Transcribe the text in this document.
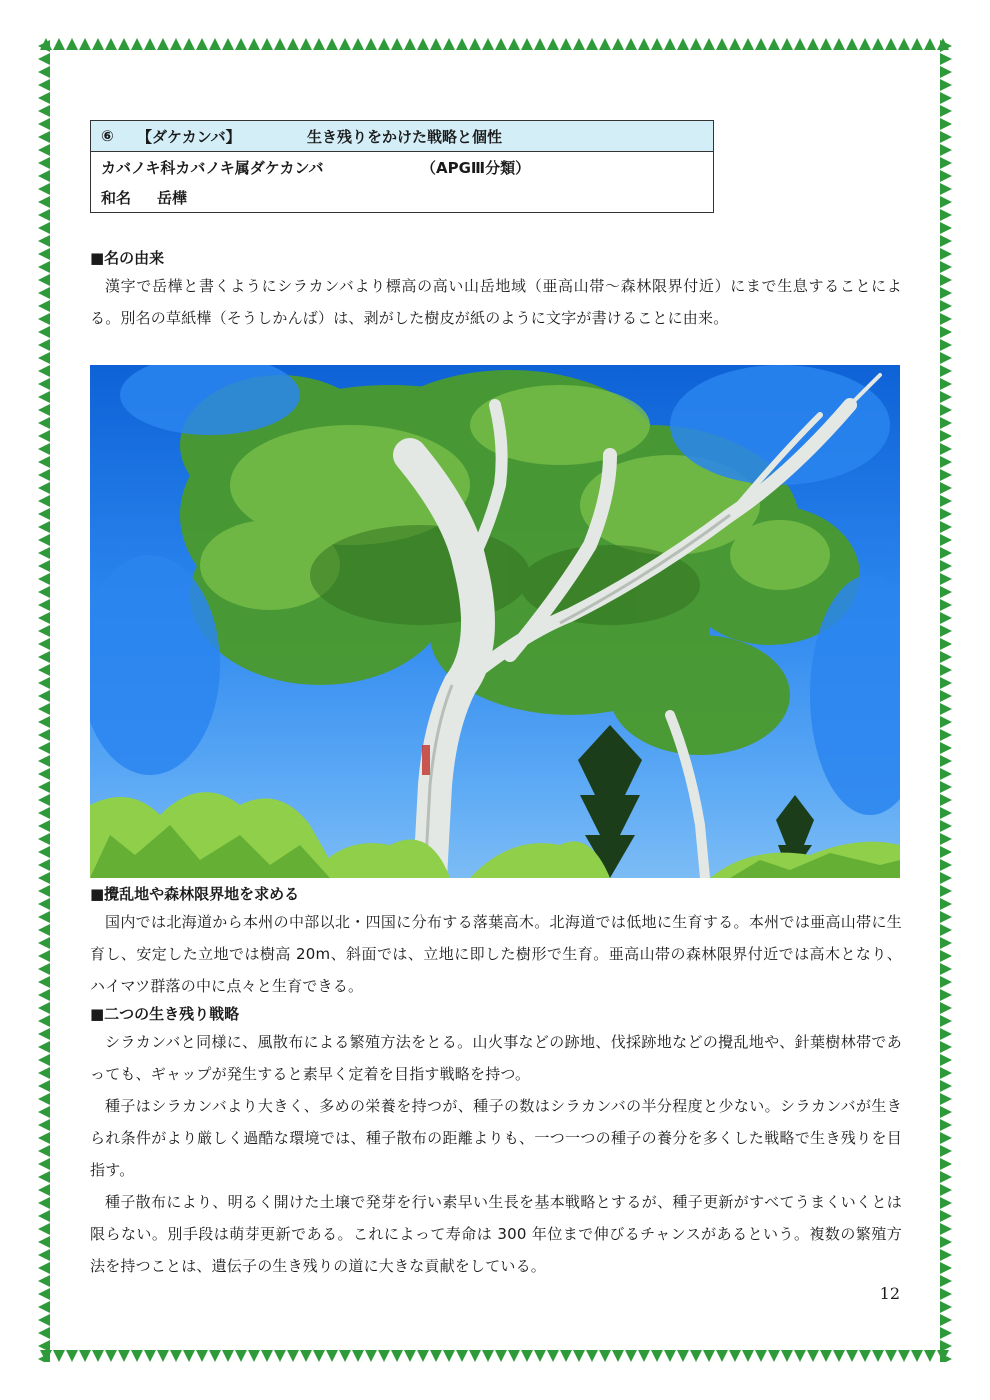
⑥	【ダケカンバ】	生き残りをかけた戦略と個性
カバノキ科カバノキ属ダケカンバ	（APGⅢ分類）
和名	岳樺
■名の由来
漢字で岳樺と書くようにシラカンバより標高の高い山岳地域（亜高山帯～森林限界付近）にまで生息することによる。別名の草紙樺（そうしかんば）は、剥がした樹皮が紙のように文字が書けることに由来。
■攪乱地や森林限界地を求める
国内では北海道から本州の中部以北・四国に分布する落葉高木。北海道では低地に生育する。本州では亜高山帯に生育し、安定した立地では樹高 20m、斜面では、立地に即した樹形で生育。亜高山帯の森林限界付近では高木となり、ハイマツ群落の中に点々と生育できる。
■二つの生き残り戦略
シラカンバと同様に、風散布による繁殖方法をとる。山火事などの跡地、伐採跡地などの攪乱地や、針葉樹林帯であっても、ギャップが発生すると素早く定着を目指す戦略を持つ。
種子はシラカンバより大きく、多めの栄養を持つが、種子の数はシラカンバの半分程度と少ない。シラカンバが生きられ条件がより厳しく過酷な環境では、種子散布の距離よりも、一つ一つの種子の養分を多くした戦略で生き残りを目指す。
種子散布により、明るく開けた土壌で発芽を行い素早い生長を基本戦略とするが、種子更新がすべてうまくいくとは限らない。別手段は萌芽更新である。これによって寿命は 300 年位まで伸びるチャンスがあるという。複数の繁殖方法を持つことは、遺伝子の生き残りの道に大きな貢献をしている。
12
